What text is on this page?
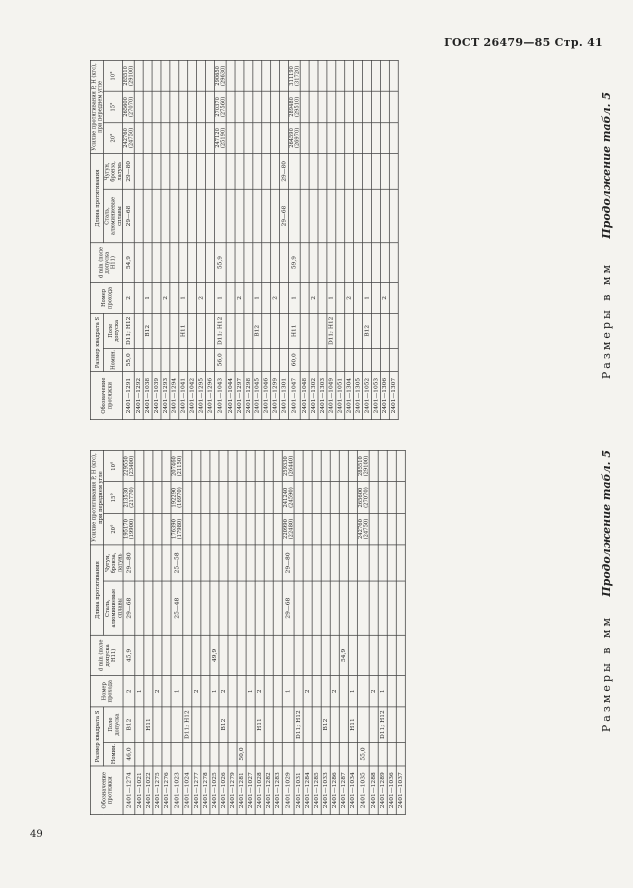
ГОСТ 26479—85 Стр. 41
49
Продолжение табл. 5
Размеры в мм
Обозначение протяжки	Размер квадрата S		Номер прохода	d min (поле допуска H11)	Длина протягивания		Усилие протягивания P, Н (кгс), при переднем угле		
	Номин.	Поле допуска			Сталь, алюминиевые сплавы	Чугун, бронза, латунь	20°	15°	10°
2401—1291	55,0	D11; H12	2	54,9	29—68	29—80	242760 (24750)	265600 (27070)	285510 (29100)
2401—1292									
2401—1038		B12	1						
2401—1039									
2401—1293			2						
2401—1294									
2401—1041		H11	1						
2401—1042									
2401—1295			2						
2401—1296									
2401—1043	56,0	D11; H12	1	55,9			247120 (25190)	270370 (27560)	290650 (29630)
2401—1044									
2401—1297			2						
2401—1298									
2401—1045		B12	1						
2401—1046									
2401—1299			2						
2401—1301					29—68	29—80			
2401—1047	60,0	H11	1	59,9			264590 (26970)	289480 (29510)	311190 (31720)
2401—1048									
2401—1302			2						
2401—1303									
2401—1049		D11; H12	1						
2401—1051									
2401—1304			2						
2401—1305									
2401—1052		B12	1						
2401—1053									
2401—1306			2						
2401—1307									
Продолжение табл. 5
Размеры в мм
Обозначение протяжки	Размер квадрата S		Номер прохода	d min (поле допуска H11)	Длина протягивания		Усилие протягивания P, Н (кгс), при переднем угле		
	Номин.	Поле допуска			Сталь, алюминиевые сплавы	Чугун, бронза, латунь	20°	15°	10°
2401—1274	46,0	B12	2	45,9	29—68	29—80	195170 (19900)	213530 (21770)	229550 (23400)
2401—1021			1						
2401—1022		H11							
2401—1275			2						
2401—1276									
2401—1023			1		25—48	25—58	176390 (17980)	192290 (16970)	207460 (21150)
2401—1024		D11; H12							
2401—1277			2						
2401—1278									
2401—1025			1	49,9					
2401—1026		B12	2						
2401—1279									
2401—1281	50,0								
2401—1027			1						
2401—1028		H11	2						
2401—1282									
2401—1283									
2401—1029			1		29—68	29—80	220990 (22480)	241240 (24590)	259330 (26440)
2401—1031		D11; H12							
2401—1284			2						
2401—1285									
2401—1033		B12							
2401—1286			2						
2401—1287				54,9					
2401—1034		H11	1						
2401—1035	55,0						242760 (24750)	265600 (27070)	285510 (29100)
2401—1288			2						
2401—1289		D11; H12	1						
2401—1036									
2401—1037									
